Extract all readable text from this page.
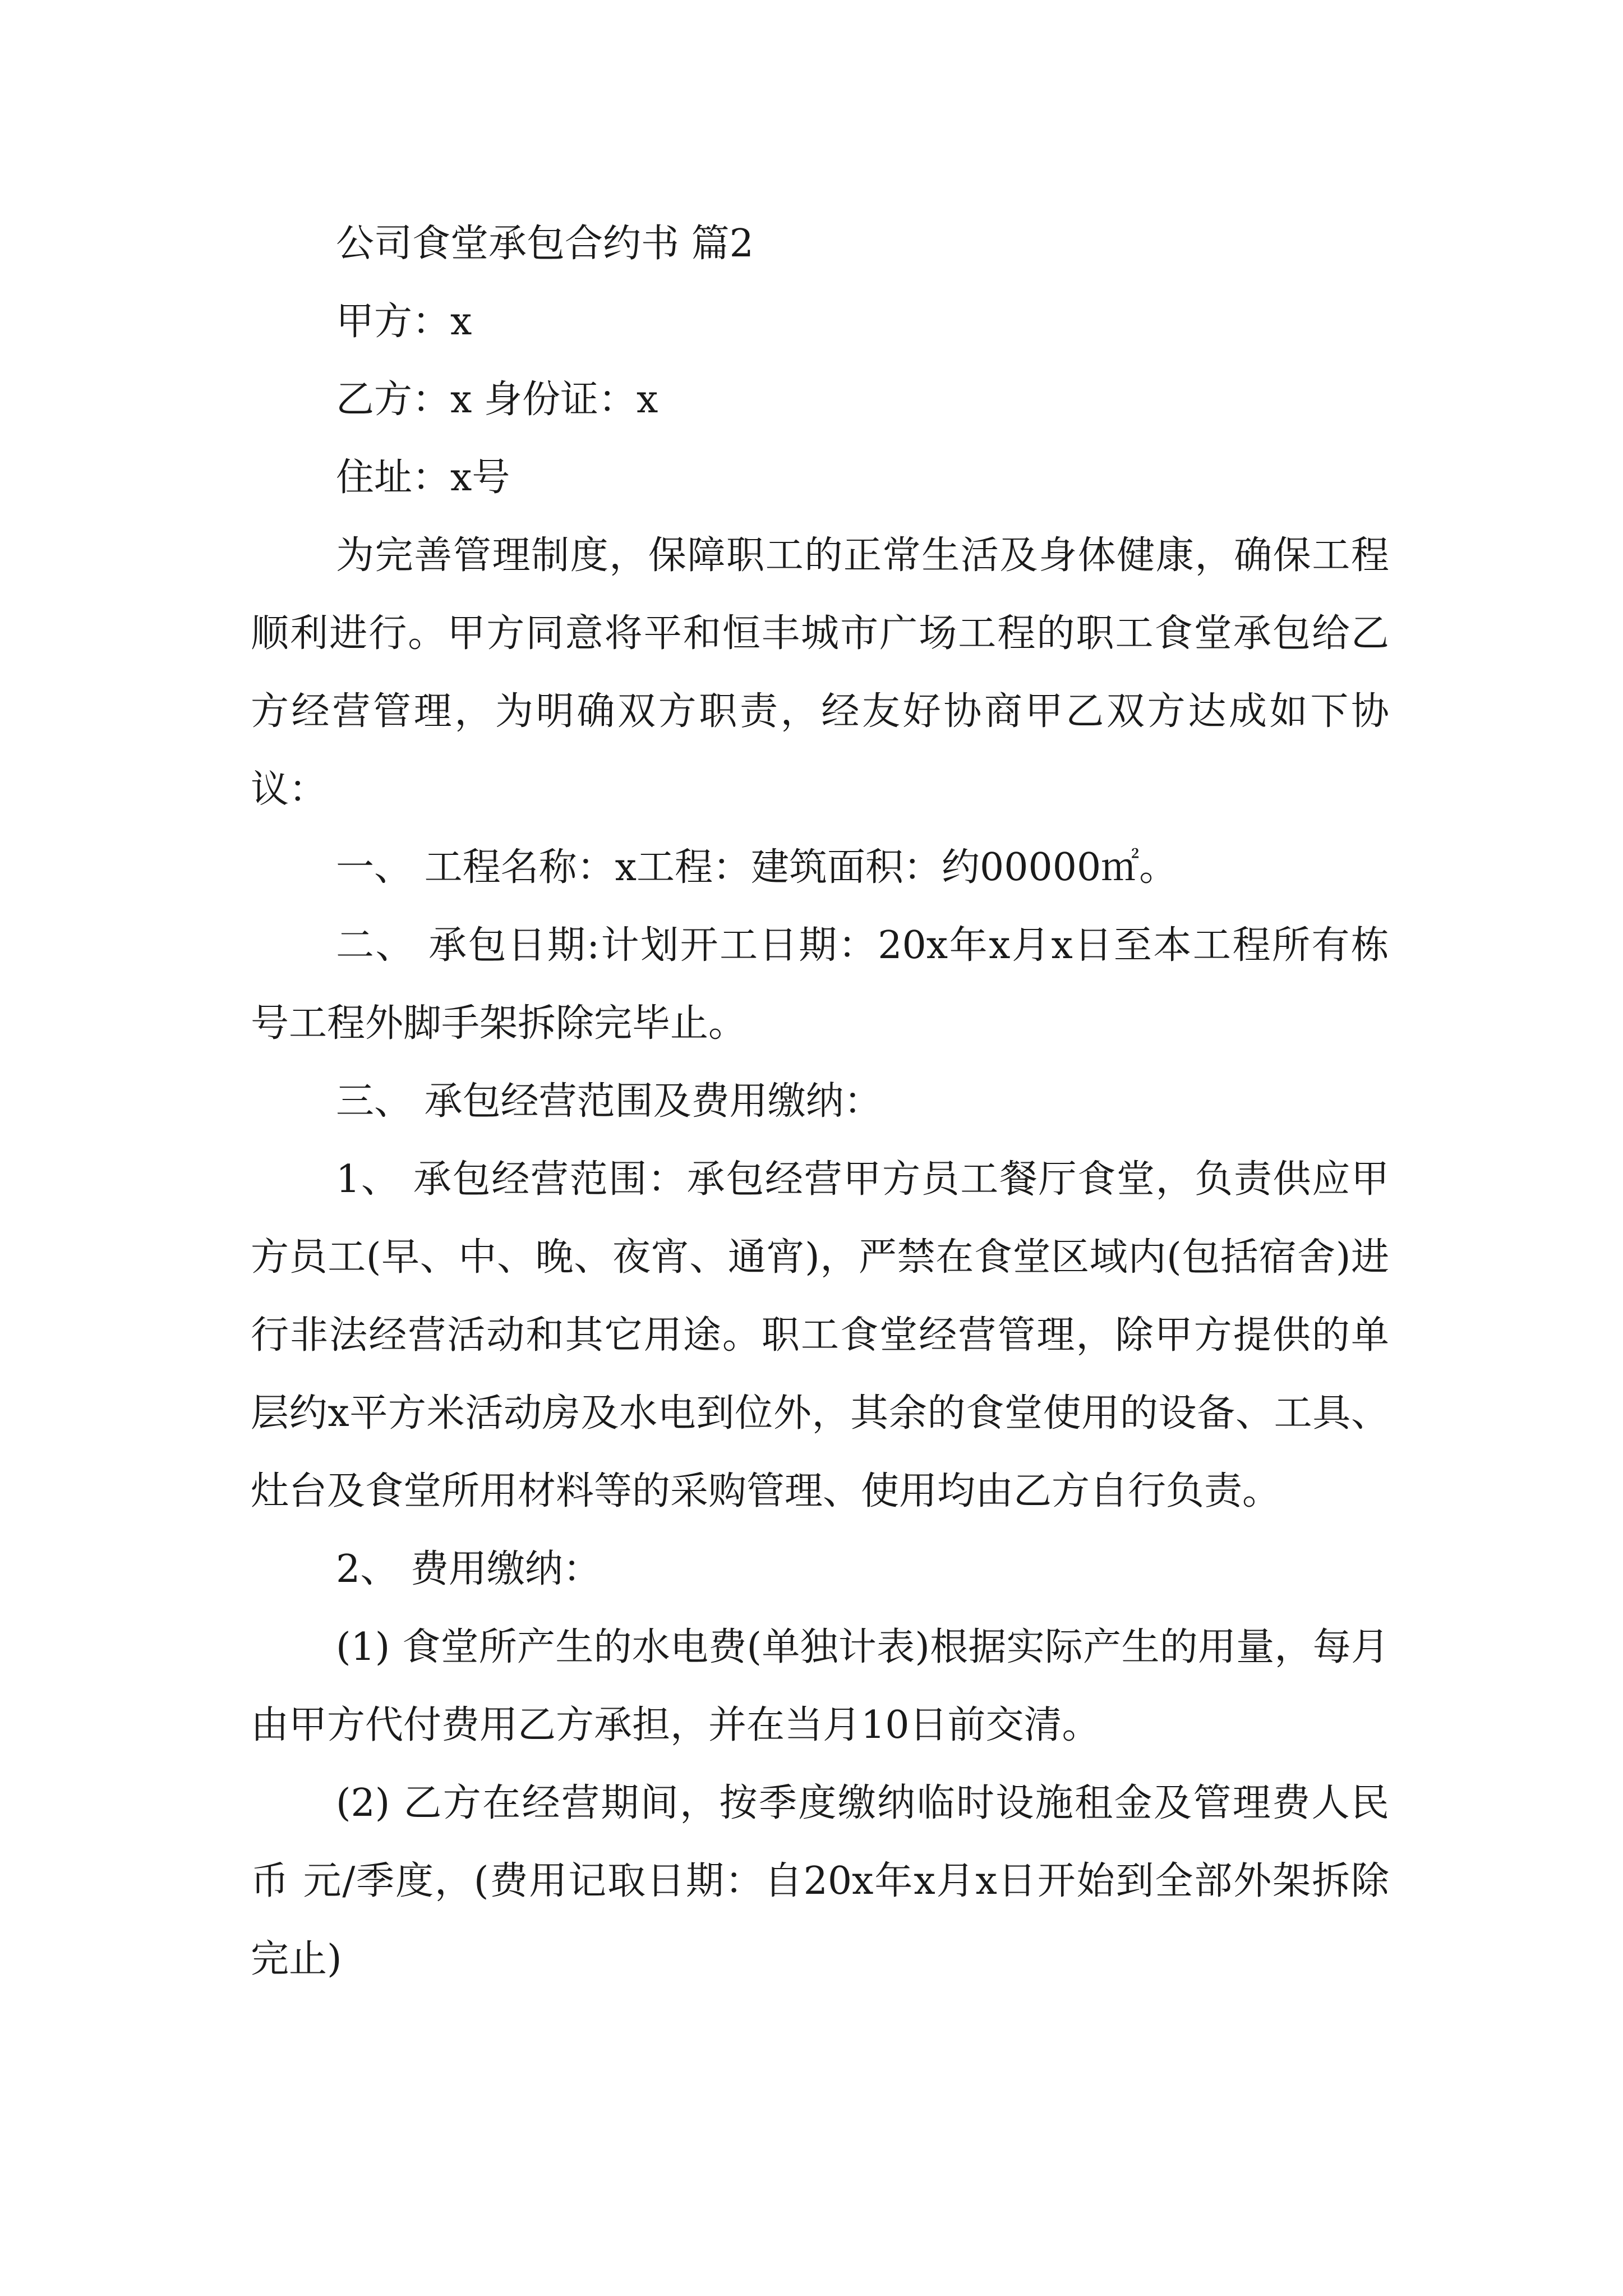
公司食堂承包合约书 篇2

甲方：x

乙方：x 身份证：x

住址：x号

为完善管理制度，保障职工的正常生活及身体健康，确保工程顺利进行。甲方同意将平和恒丰城市广场工程的职工食堂承包给乙方经营管理，为明确双方职责，经友好协商甲乙双方达成如下协议：

一、 工程名称：x工程：建筑面积：约00000㎡。

二、 承包日期:计划开工日期：20x年x月x日至本工程所有栋号工程外脚手架拆除完毕止。

三、 承包经营范围及费用缴纳：

1、 承包经营范围：承包经营甲方员工餐厅食堂，负责供应甲方员工(早、中、晚、夜宵、通宵)，严禁在食堂区域内(包括宿舍)进行非法经营活动和其它用途。职工食堂经营管理，除甲方提供的单层约x平方米活动房及水电到位外，其余的食堂使用的设备、工具、灶台及食堂所用材料等的采购管理、使用均由乙方自行负责。

2、 费用缴纳：

(1) 食堂所产生的水电费(单独计表)根据实际产生的用量，每月由甲方代付费用乙方承担，并在当月10日前交清。

(2) 乙方在经营期间，按季度缴纳临时设施租金及管理费人民币 元/季度，(费用记取日期：自20x年x月x日开始到全部外架拆除完止)
